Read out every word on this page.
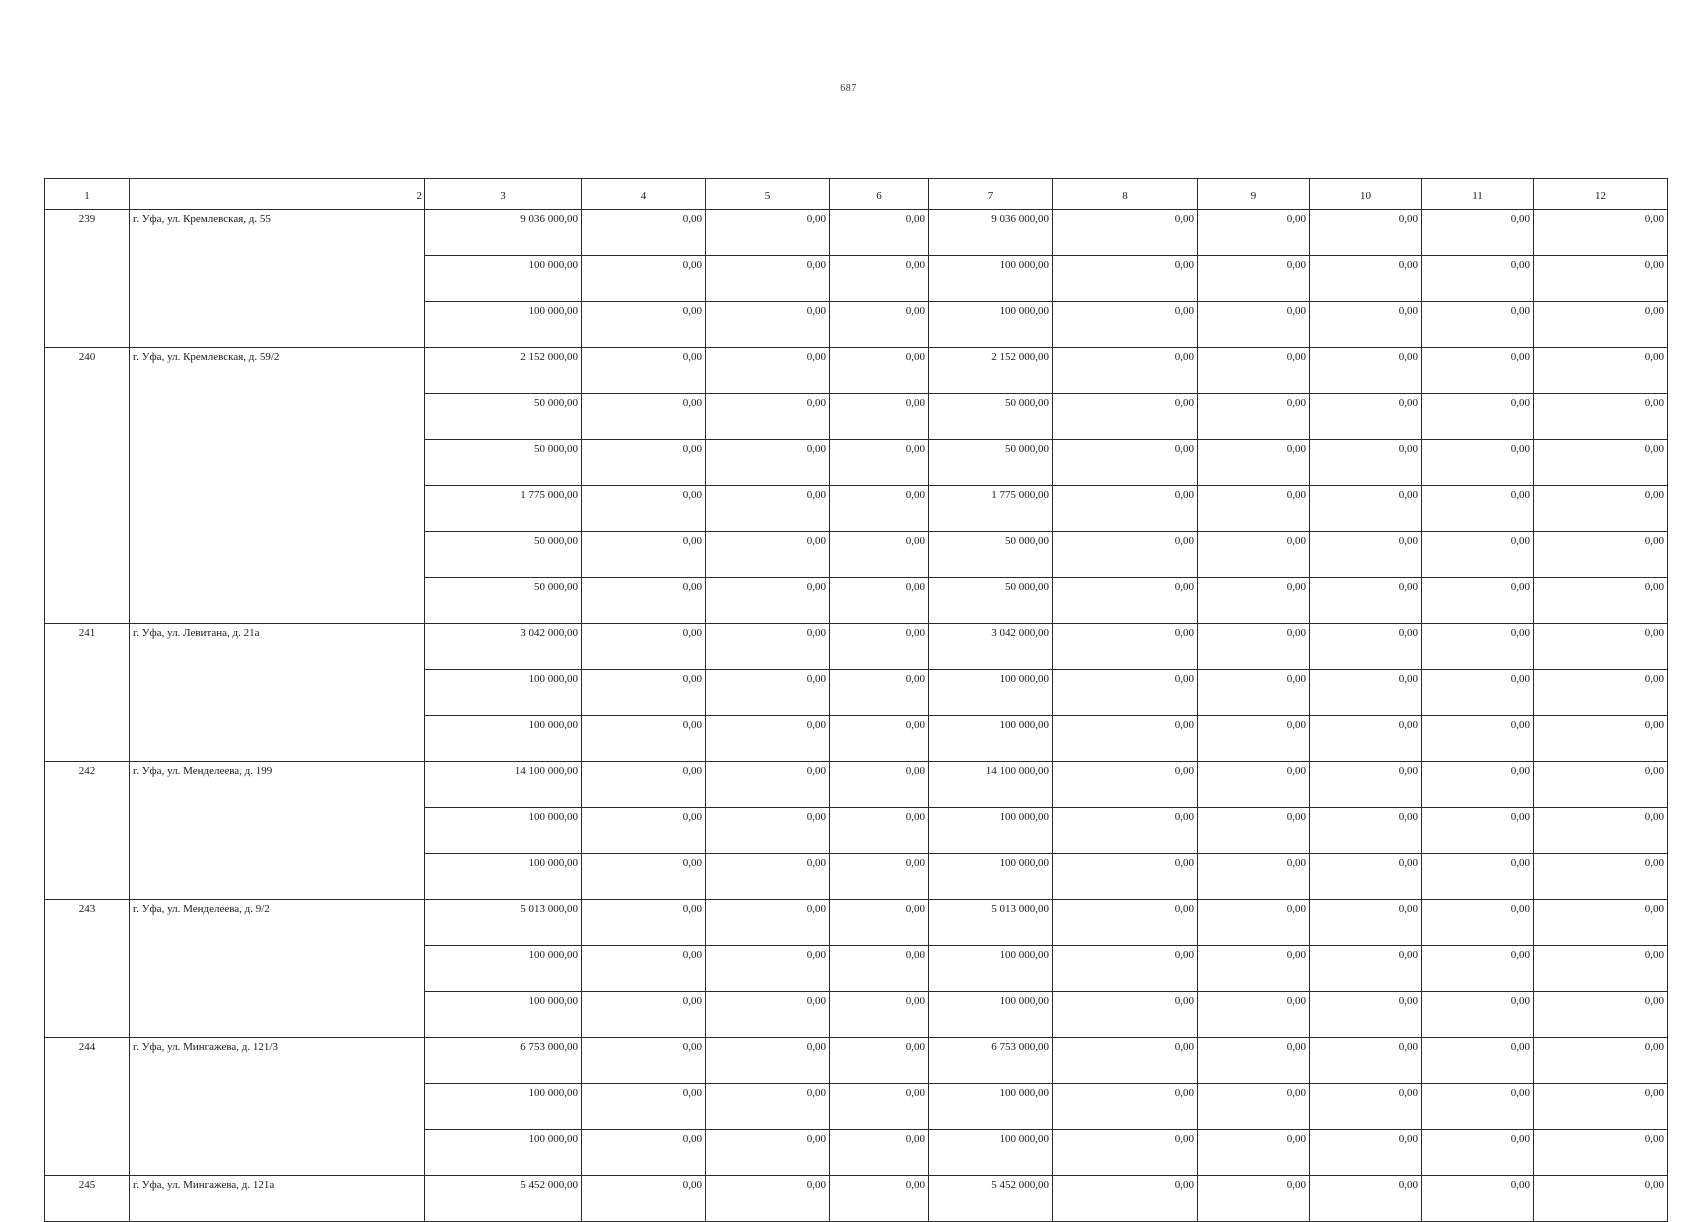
687
1	2	3	4	5	6	7	8	9	10	11	12
239	г. Уфа, ул. Кремлевская, д. 55	9 036 000,00	0,00	0,00	0,00	9 036 000,00	0,00	0,00	0,00	0,00	0,00
		100 000,00	0,00	0,00	0,00	100 000,00	0,00	0,00	0,00	0,00	0,00
		100 000,00	0,00	0,00	0,00	100 000,00	0,00	0,00	0,00	0,00	0,00
240	г. Уфа, ул. Кремлевская, д. 59/2	2 152 000,00	0,00	0,00	0,00	2 152 000,00	0,00	0,00	0,00	0,00	0,00
		50 000,00	0,00	0,00	0,00	50 000,00	0,00	0,00	0,00	0,00	0,00
		50 000,00	0,00	0,00	0,00	50 000,00	0,00	0,00	0,00	0,00	0,00
		1 775 000,00	0,00	0,00	0,00	1 775 000,00	0,00	0,00	0,00	0,00	0,00
		50 000,00	0,00	0,00	0,00	50 000,00	0,00	0,00	0,00	0,00	0,00
		50 000,00	0,00	0,00	0,00	50 000,00	0,00	0,00	0,00	0,00	0,00
241	г. Уфа, ул. Левитана, д. 21а	3 042 000,00	0,00	0,00	0,00	3 042 000,00	0,00	0,00	0,00	0,00	0,00
		100 000,00	0,00	0,00	0,00	100 000,00	0,00	0,00	0,00	0,00	0,00
		100 000,00	0,00	0,00	0,00	100 000,00	0,00	0,00	0,00	0,00	0,00
242	г. Уфа, ул. Менделеева, д. 199	14 100 000,00	0,00	0,00	0,00	14 100 000,00	0,00	0,00	0,00	0,00	0,00
		100 000,00	0,00	0,00	0,00	100 000,00	0,00	0,00	0,00	0,00	0,00
		100 000,00	0,00	0,00	0,00	100 000,00	0,00	0,00	0,00	0,00	0,00
243	г. Уфа, ул. Менделеева, д. 9/2	5 013 000,00	0,00	0,00	0,00	5 013 000,00	0,00	0,00	0,00	0,00	0,00
		100 000,00	0,00	0,00	0,00	100 000,00	0,00	0,00	0,00	0,00	0,00
		100 000,00	0,00	0,00	0,00	100 000,00	0,00	0,00	0,00	0,00	0,00
244	г. Уфа, ул. Мингажева, д. 121/3	6 753 000,00	0,00	0,00	0,00	6 753 000,00	0,00	0,00	0,00	0,00	0,00
		100 000,00	0,00	0,00	0,00	100 000,00	0,00	0,00	0,00	0,00	0,00
		100 000,00	0,00	0,00	0,00	100 000,00	0,00	0,00	0,00	0,00	0,00
245	г. Уфа, ул. Мингажева, д. 121а	5 452 000,00	0,00	0,00	0,00	5 452 000,00	0,00	0,00	0,00	0,00	0,00
